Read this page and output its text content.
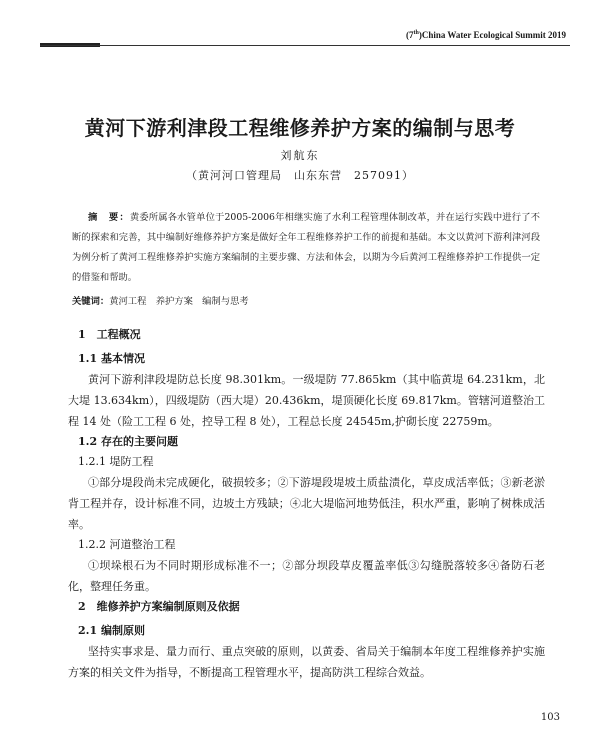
(7th)China Water Ecological Summit 2019
黄河下游利津段工程维修养护方案的编制与思考
刘航东
（黄河河口管理局　山东东营　257091）
摘　要：黄委所属各水管单位于2005-2006年相继实施了水利工程管理体制改革，并在运行实践中进行了不断的探索和完善，其中编制好维修养护方案是做好全年工程维修养护工作的前提和基础。本文以黄河下游利津河段为例分析了黄河工程维修养护实施方案编制的主要步骤、方法和体会，以期为今后黄河工程维修养护工作提供一定的借鉴和帮助。
关键词：黄河工程　养护方案　编制与思考
1　工程概况
1.1 基本情况

黄河下游利津段堤防总长度 98.301km。一级堤防 77.865km（其中临黄堤 64.231km，北大堤 13.634km），四级堤防（西大堤）20.436km，堤顶硬化长度 69.817km。管辖河道整治工程 14 处（险工工程 6 处，控导工程 8 处），工程总长度 24545m,护砌长度 22759m。

1.2 存在的主要问题
1.2.1 堤防工程

①部分堤段尚未完成硬化，破损较多；②下游堤段堤坡土质盐渍化，草皮成活率低；③新老淤背工程并存，设计标准不同，边坡土方残缺；④北大堤临河地势低洼，积水严重，影响了树株成活率。

1.2.2 河道整治工程

①坝垛根石为不同时期形成标准不一；②部分坝段草皮覆盖率低③勾缝脱落较多④备防石老化，整理任务重。

2　维修养护方案编制原则及依据
2.1 编制原则

坚持实事求是、量力而行、重点突破的原则，以黄委、省局关于编制本年度工程维修养护实施方案的相关文件为指导，不断提高工程管理水平，提高防洪工程综合效益。

103
